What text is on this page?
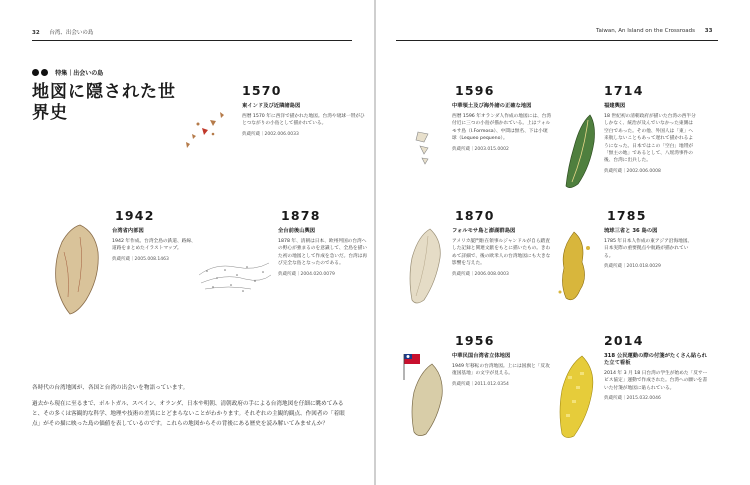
32 台湾、出会いの島
特集｜出会いの島
地図に隠された世界史
1570
東インド及び近隣諸島図
西暦 1570 年に西洋で描かれた地図。台湾や琉球一帯がひとつながりの小島として描かれている。
典蔵所蔵｜2002.006.0033
1878
全台前後山輿図
1878 年、清朝は日本、欧州列国の台湾への野心が強まるのを意識して、全島を描いた初の地図として作成を急いだ。台湾は再び完全な島となったのである。
典蔵所蔵｜2004.020.0079
1942
台湾省内部図
1942 年作成。台湾全島の鉄道、路線、道路をまとめたイラストマップ。
典蔵所蔵｜2005.008.1463

各時代の台湾地図が、各国と台湾の出会いを物語っています。

過去から現在に至るまで、ポルトガル、スペイン、オランダ、日本や明朝、清朝政府の手による台湾地図を仔細に眺めてみると、その多くは客観的な科学、地理や技術の差異にとどまらないことがわかります。それぞれの主観的観点、作図者の「着眼点」がその描に映った島の価値を表しているのです。これらの地図からその背後にある歴史を読み解いてみませんか？

Taiwan, An Island on the Crossroads 33
1596
中華領土及び海外諸の正確な地図
西暦 1596 年オランダ人作成の地図には、台湾付近に三つの小島が描かれている。上はフォルモサ島（I.Formosa）、中間は無名、下は小琉球（Lequeo pequeno）。
典蔵所蔵｜2003.015.0002
1714
福建輿図
18 世紀初の清朝政府が描いた台湾の西半分しかなく、統治が及んでいなかった東側は空白であった。その他、外国人は「東」へ来航しないこともあって遅れて描かれるようになった。日本ではこの「空白」地帯が「無主の地」であるとして、八瑶湾事件の後、台湾に出兵した。
典蔵所蔵｜2002.006.0008
1785
琉球三省と 36 島の図
1785 年日本人作成の東アジア沿海地図。日本実際の重要拠点や航路が描かれている。
典蔵所蔵｜2010.018.0029
1870
フォルモサ島と澎湖群島図
アメリカ厦門駐在領事ルジャンドルが自ら踏査した記録と関連文献をもとに描いたもの。きわめて詳細で、後の欧米人の台湾地図にも大きな影響を与えた。
典蔵所蔵｜2006.008.0003
1956
中華民国台湾省立体地図
1949 年移転の台湾地図。上には国旗と「反攻復国基地」の文字が見える。
典蔵所蔵｜2011.012.0354
2014
318 公民運動の際の付箋がたくさん貼られた立て看板
2014 年 3 月 18 日台湾の学生が始めた「反サービス協定」運動で作成された。台湾への願いを書いた付箋が地図に貼られている。
典蔵所蔵｜2015.032.0046
